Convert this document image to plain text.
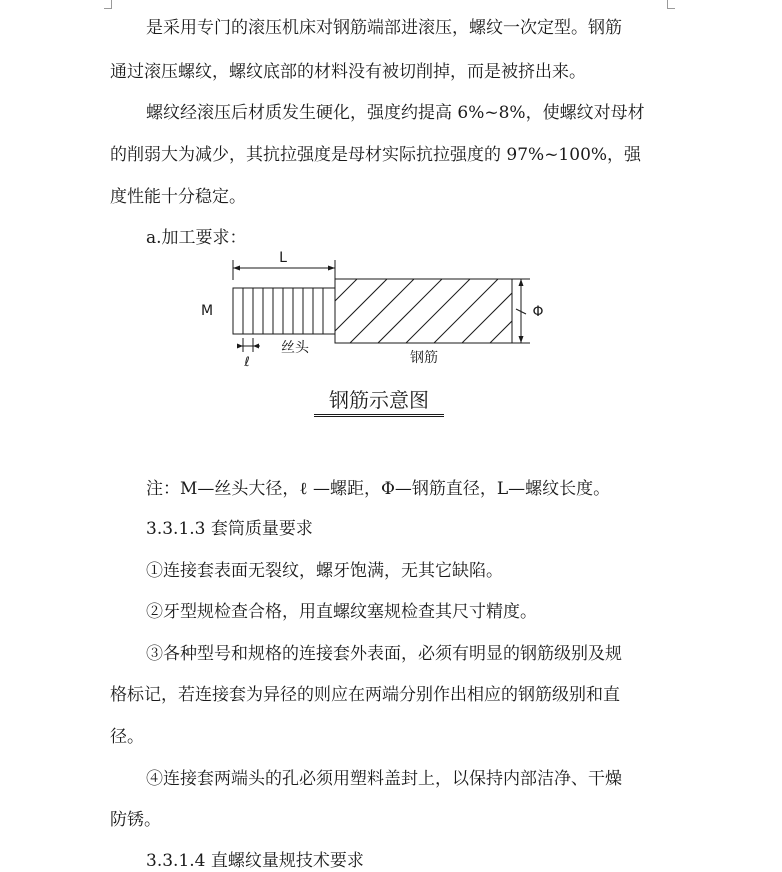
是采用专门的滚压机床对钢筋端部进滚压，螺纹一次定型。钢筋
通过滚压螺纹，螺纹底部的材料没有被切削掉，而是被挤出来。
螺纹经滚压后材质发生硬化，强度约提高 6%~8%，使螺纹对母材
的削弱大为减少，其抗拉强度是母材实际抗拉强度的 97%~100%，强
度性能十分稳定。
a.加工要求：
L
M	Φ
ℓ
丝头
钢筋
钢筋示意图
注：M—丝头大径，ℓ —螺距，Φ—钢筋直径，L—螺纹长度。
3.3.1.3 套筒质量要求
①连接套表面无裂纹，螺牙饱满，无其它缺陷。
②牙型规检查合格，用直螺纹塞规检查其尺寸精度。
③各种型号和规格的连接套外表面，必须有明显的钢筋级别及规
格标记，若连接套为异径的则应在两端分别作出相应的钢筋级别和直
径。
④连接套两端头的孔必须用塑料盖封上，以保持内部洁净、干燥
防锈。
3.3.1.4 直螺纹量规技术要求
